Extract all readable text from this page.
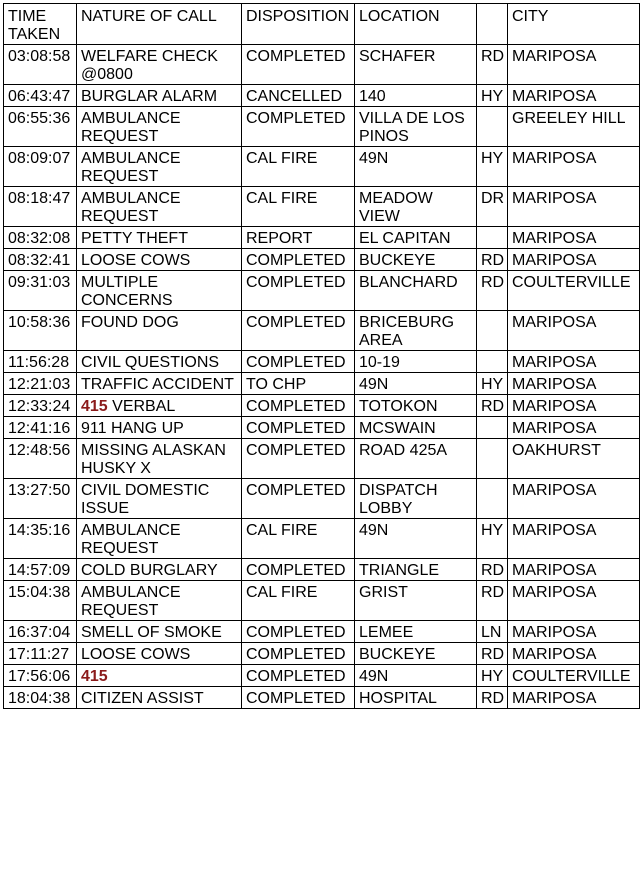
TIME TAKEN	NATURE OF CALL	DISPOSITION	LOCATION		CITY
03:08:58	WELFARE CHECK @0800	COMPLETED	SCHAFER	RD	MARIPOSA
06:43:47	BURGLAR ALARM	CANCELLED	140	HY	MARIPOSA
06:55:36	AMBULANCE REQUEST	COMPLETED	VILLA DE LOS PINOS		GREELEY HILL
08:09:07	AMBULANCE REQUEST	CAL FIRE	49N	HY	MARIPOSA
08:18:47	AMBULANCE REQUEST	CAL FIRE	MEADOW VIEW	DR	MARIPOSA
08:32:08	PETTY THEFT	REPORT	EL CAPITAN		MARIPOSA
08:32:41	LOOSE COWS	COMPLETED	BUCKEYE	RD	MARIPOSA
09:31:03	MULTIPLE CONCERNS	COMPLETED	BLANCHARD	RD	COULTERVILLE
10:58:36	FOUND DOG	COMPLETED	BRICEBURG AREA		MARIPOSA
11:56:28	CIVIL QUESTIONS	COMPLETED	10-19		MARIPOSA
12:21:03	TRAFFIC ACCIDENT	TO CHP	49N	HY	MARIPOSA
12:33:24	415 VERBAL	COMPLETED	TOTOKON	RD	MARIPOSA
12:41:16	911 HANG UP	COMPLETED	MCSWAIN		MARIPOSA
12:48:56	MISSING ALASKAN HUSKY X	COMPLETED	ROAD 425A		OAKHURST
13:27:50	CIVIL DOMESTIC ISSUE	COMPLETED	DISPATCH LOBBY		MARIPOSA
14:35:16	AMBULANCE REQUEST	CAL FIRE	49N	HY	MARIPOSA
14:57:09	COLD BURGLARY	COMPLETED	TRIANGLE	RD	MARIPOSA
15:04:38	AMBULANCE REQUEST	CAL FIRE	GRIST	RD	MARIPOSA
16:37:04	SMELL OF SMOKE	COMPLETED	LEMEE	LN	MARIPOSA
17:11:27	LOOSE COWS	COMPLETED	BUCKEYE	RD	MARIPOSA
17:56:06	415	COMPLETED	49N	HY	COULTERVILLE
18:04:38	CITIZEN ASSIST	COMPLETED	HOSPITAL	RD	MARIPOSA
